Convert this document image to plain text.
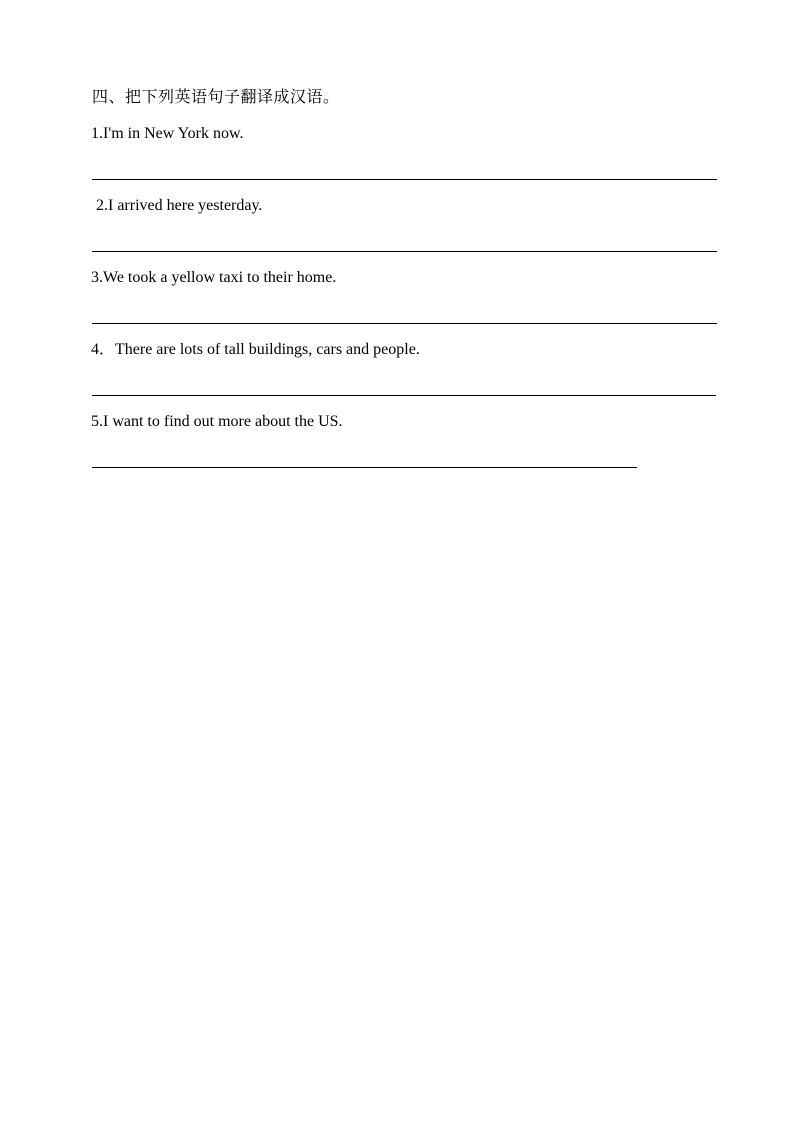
四、把下列英语句子翻译成汉语。
1.I'm in New York now.
2.I arrived here yesterday.
3.We took a yellow taxi to their home.
4．There are lots of tall buildings, cars and people.
5.I want to find out more about the US.
